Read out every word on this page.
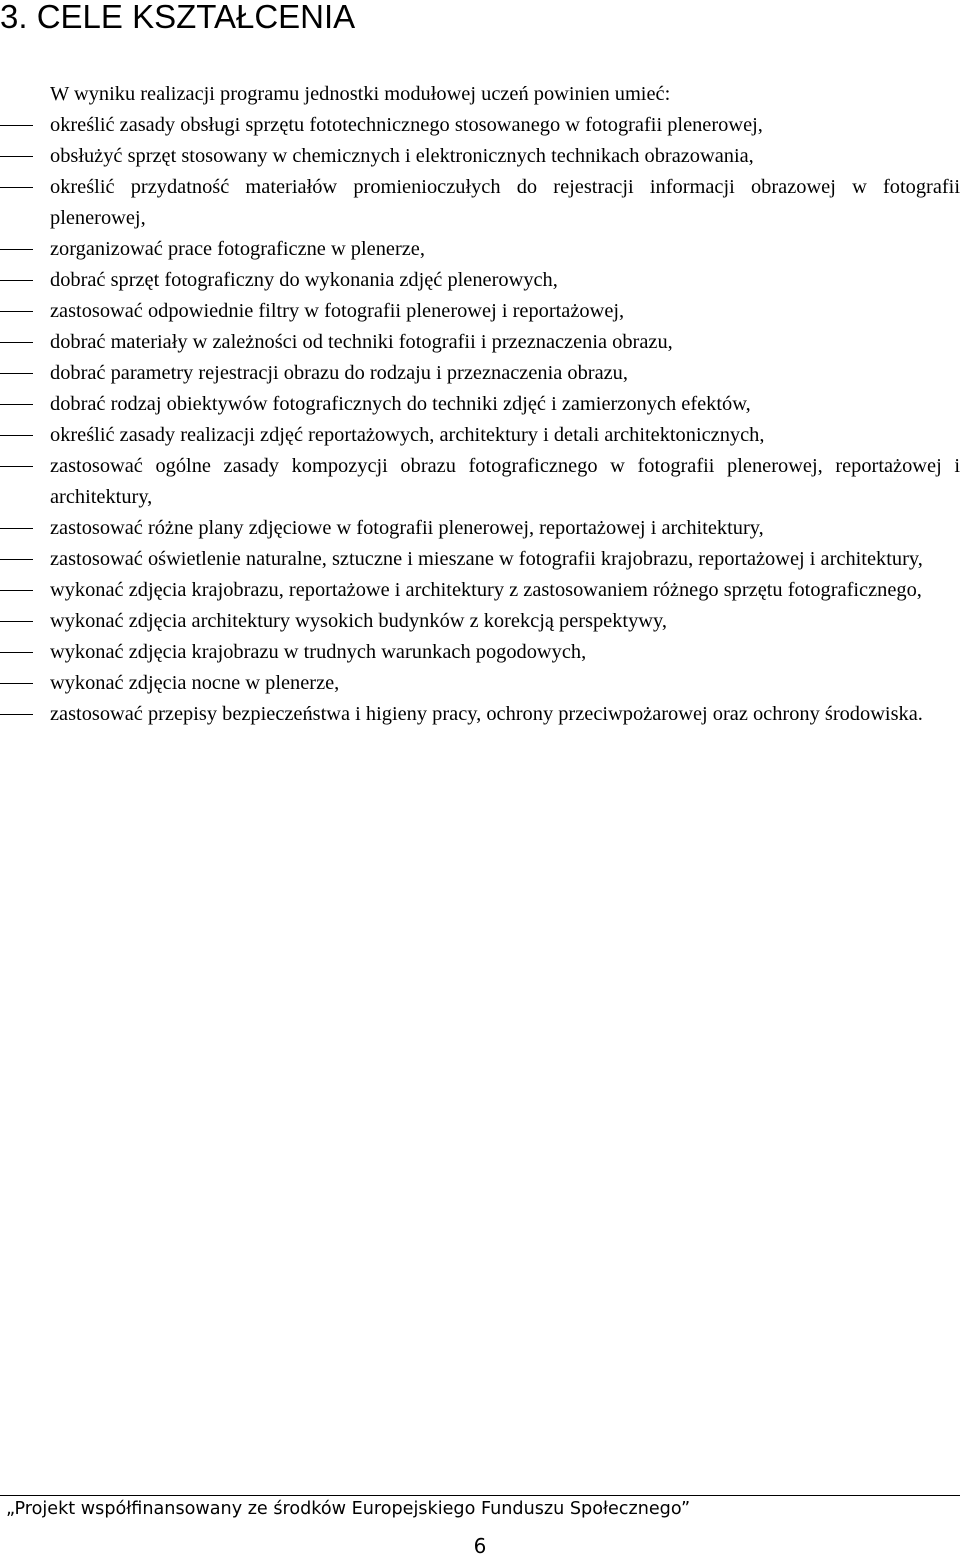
3. CELE KSZTAŁCENIA

W wyniku realizacji programu jednostki modułowej uczeń powinien umieć:

określić zasady obsługi sprzętu fototechnicznego stosowanego w fotografii plenerowej,
obsłużyć sprzęt stosowany w chemicznych i elektronicznych technikach obrazowania,
określić przydatność materiałów promienioczułych do rejestracji informacji obrazowej w fotografii plenerowej,
zorganizować prace fotograficzne w plenerze,
dobrać sprzęt fotograficzny do wykonania zdjęć plenerowych,
zastosować odpowiednie filtry w fotografii plenerowej i reportażowej,
dobrać materiały w zależności od techniki fotografii i przeznaczenia obrazu,
dobrać parametry rejestracji obrazu do rodzaju i przeznaczenia obrazu,
dobrać rodzaj obiektywów fotograficznych do techniki zdjęć i zamierzonych efektów,
określić zasady realizacji zdjęć reportażowych, architektury i detali architektonicznych,
zastosować ogólne zasady kompozycji obrazu fotograficznego w fotografii plenerowej, reportażowej i architektury,
zastosować różne plany zdjęciowe w fotografii plenerowej, reportażowej i architektury,
zastosować oświetlenie naturalne, sztuczne i mieszane w fotografii krajobrazu, reportażowej i architektury,
wykonać zdjęcia krajobrazu, reportażowe i architektury z zastosowaniem różnego sprzętu fotograficznego,
wykonać zdjęcia architektury wysokich budynków z korekcją perspektywy,
wykonać zdjęcia krajobrazu w trudnych warunkach pogodowych,
wykonać zdjęcia nocne w plenerze,
zastosować przepisy bezpieczeństwa i higieny pracy, ochrony przeciwpożarowej oraz ochrony środowiska.
„Projekt współfinansowany ze środków Europejskiego Funduszu Społecznego”
6
